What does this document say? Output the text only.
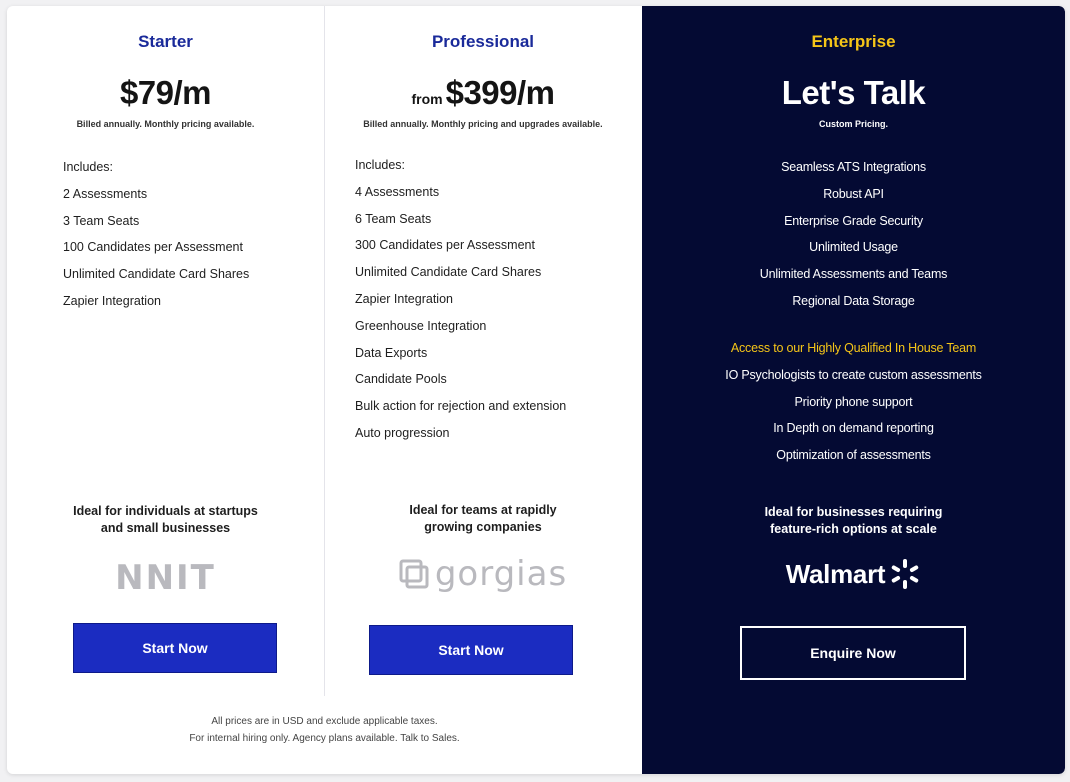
Starter
$79/m
Billed annually. Monthly pricing available.
Includes:
2 Assessments
3 Team Seats
100 Candidates per Assessment
Unlimited Candidate Card Shares
Zapier Integration
Ideal for individuals at startups
and small businesses
NNIT
Start Now
Professional
from$399/m
Billed annually. Monthly pricing and upgrades available.
Includes:
4 Assessments
6 Team Seats
300 Candidates per Assessment
Unlimited Candidate Card Shares
Zapier Integration
Greenhouse Integration
Data Exports
Candidate Pools
Bulk action for rejection and extension
Auto progression
Ideal for teams at rapidly
growing companies
gorgias
Start Now
Enterprise
Let's Talk
Custom Pricing.
Seamless ATS Integrations
Robust API
Enterprise Grade Security
Unlimited Usage
Unlimited Assessments and Teams
Regional Data Storage
Access to our Highly Qualified In House Team
IO Psychologists to create custom assessments
Priority phone support
In Depth on demand reporting
Optimization of assessments
Ideal for businesses requiring
feature-rich options at scale
Walmart
Enquire Now
All prices are in USD and exclude applicable taxes.
For internal hiring only. Agency plans available. Talk to Sales.
